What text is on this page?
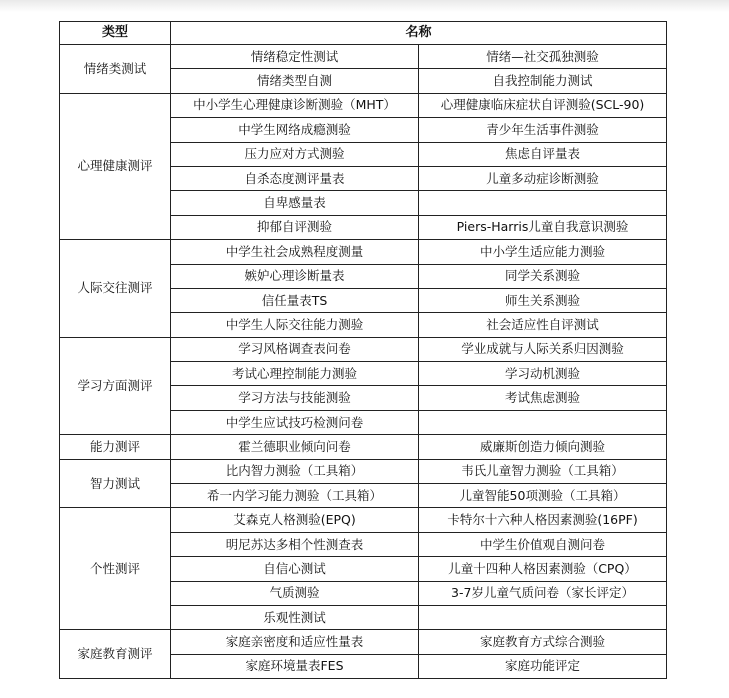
类型	名称	
情绪类测试	情绪稳定性测试	情绪—社交孤独测验
	情绪类型自测	自我控制能力测试
心理健康测评	中小学生心理健康诊断测验（MHT）	心理健康临床症状自评测验(SCL-90)
	中学生网络成瘾测验	青少年生活事件测验
	压力应对方式测验	焦虑自评量表
	自杀态度测评量表	儿童多动症诊断测验
	自卑感量表	
	抑郁自评测验	Piers-Harris儿童自我意识测验
人际交往测评	中学生社会成熟程度测量	中小学生适应能力测验
	嫉妒心理诊断量表	同学关系测验
	信任量表TS	师生关系测验
	中学生人际交往能力测验	社会适应性自评测试
学习方面测评	学习风格调查表问卷	学业成就与人际关系归因测验
	考试心理控制能力测验	学习动机测验
	学习方法与技能测验	考试焦虑测验
	中学生应试技巧检测问卷	
能力测评	霍兰德职业倾向问卷	威廉斯创造力倾向测验
智力测试	比内智力测验（工具箱）	韦氏儿童智力测验（工具箱）
	希一内学习能力测验（工具箱）	儿童智能50项测验（工具箱）
个性测评	艾森克人格测验(EPQ)	卡特尔十六种人格因素测验(16PF)
	明尼苏达多相个性测查表	中学生价值观自测问卷
	自信心测试	儿童十四种人格因素测验（CPQ）
	气质测验	3-7岁儿童气质问卷（家长评定）
	乐观性测试	
家庭教育测评	家庭亲密度和适应性量表	家庭教育方式综合测验
	家庭环境量表FES	家庭功能评定
